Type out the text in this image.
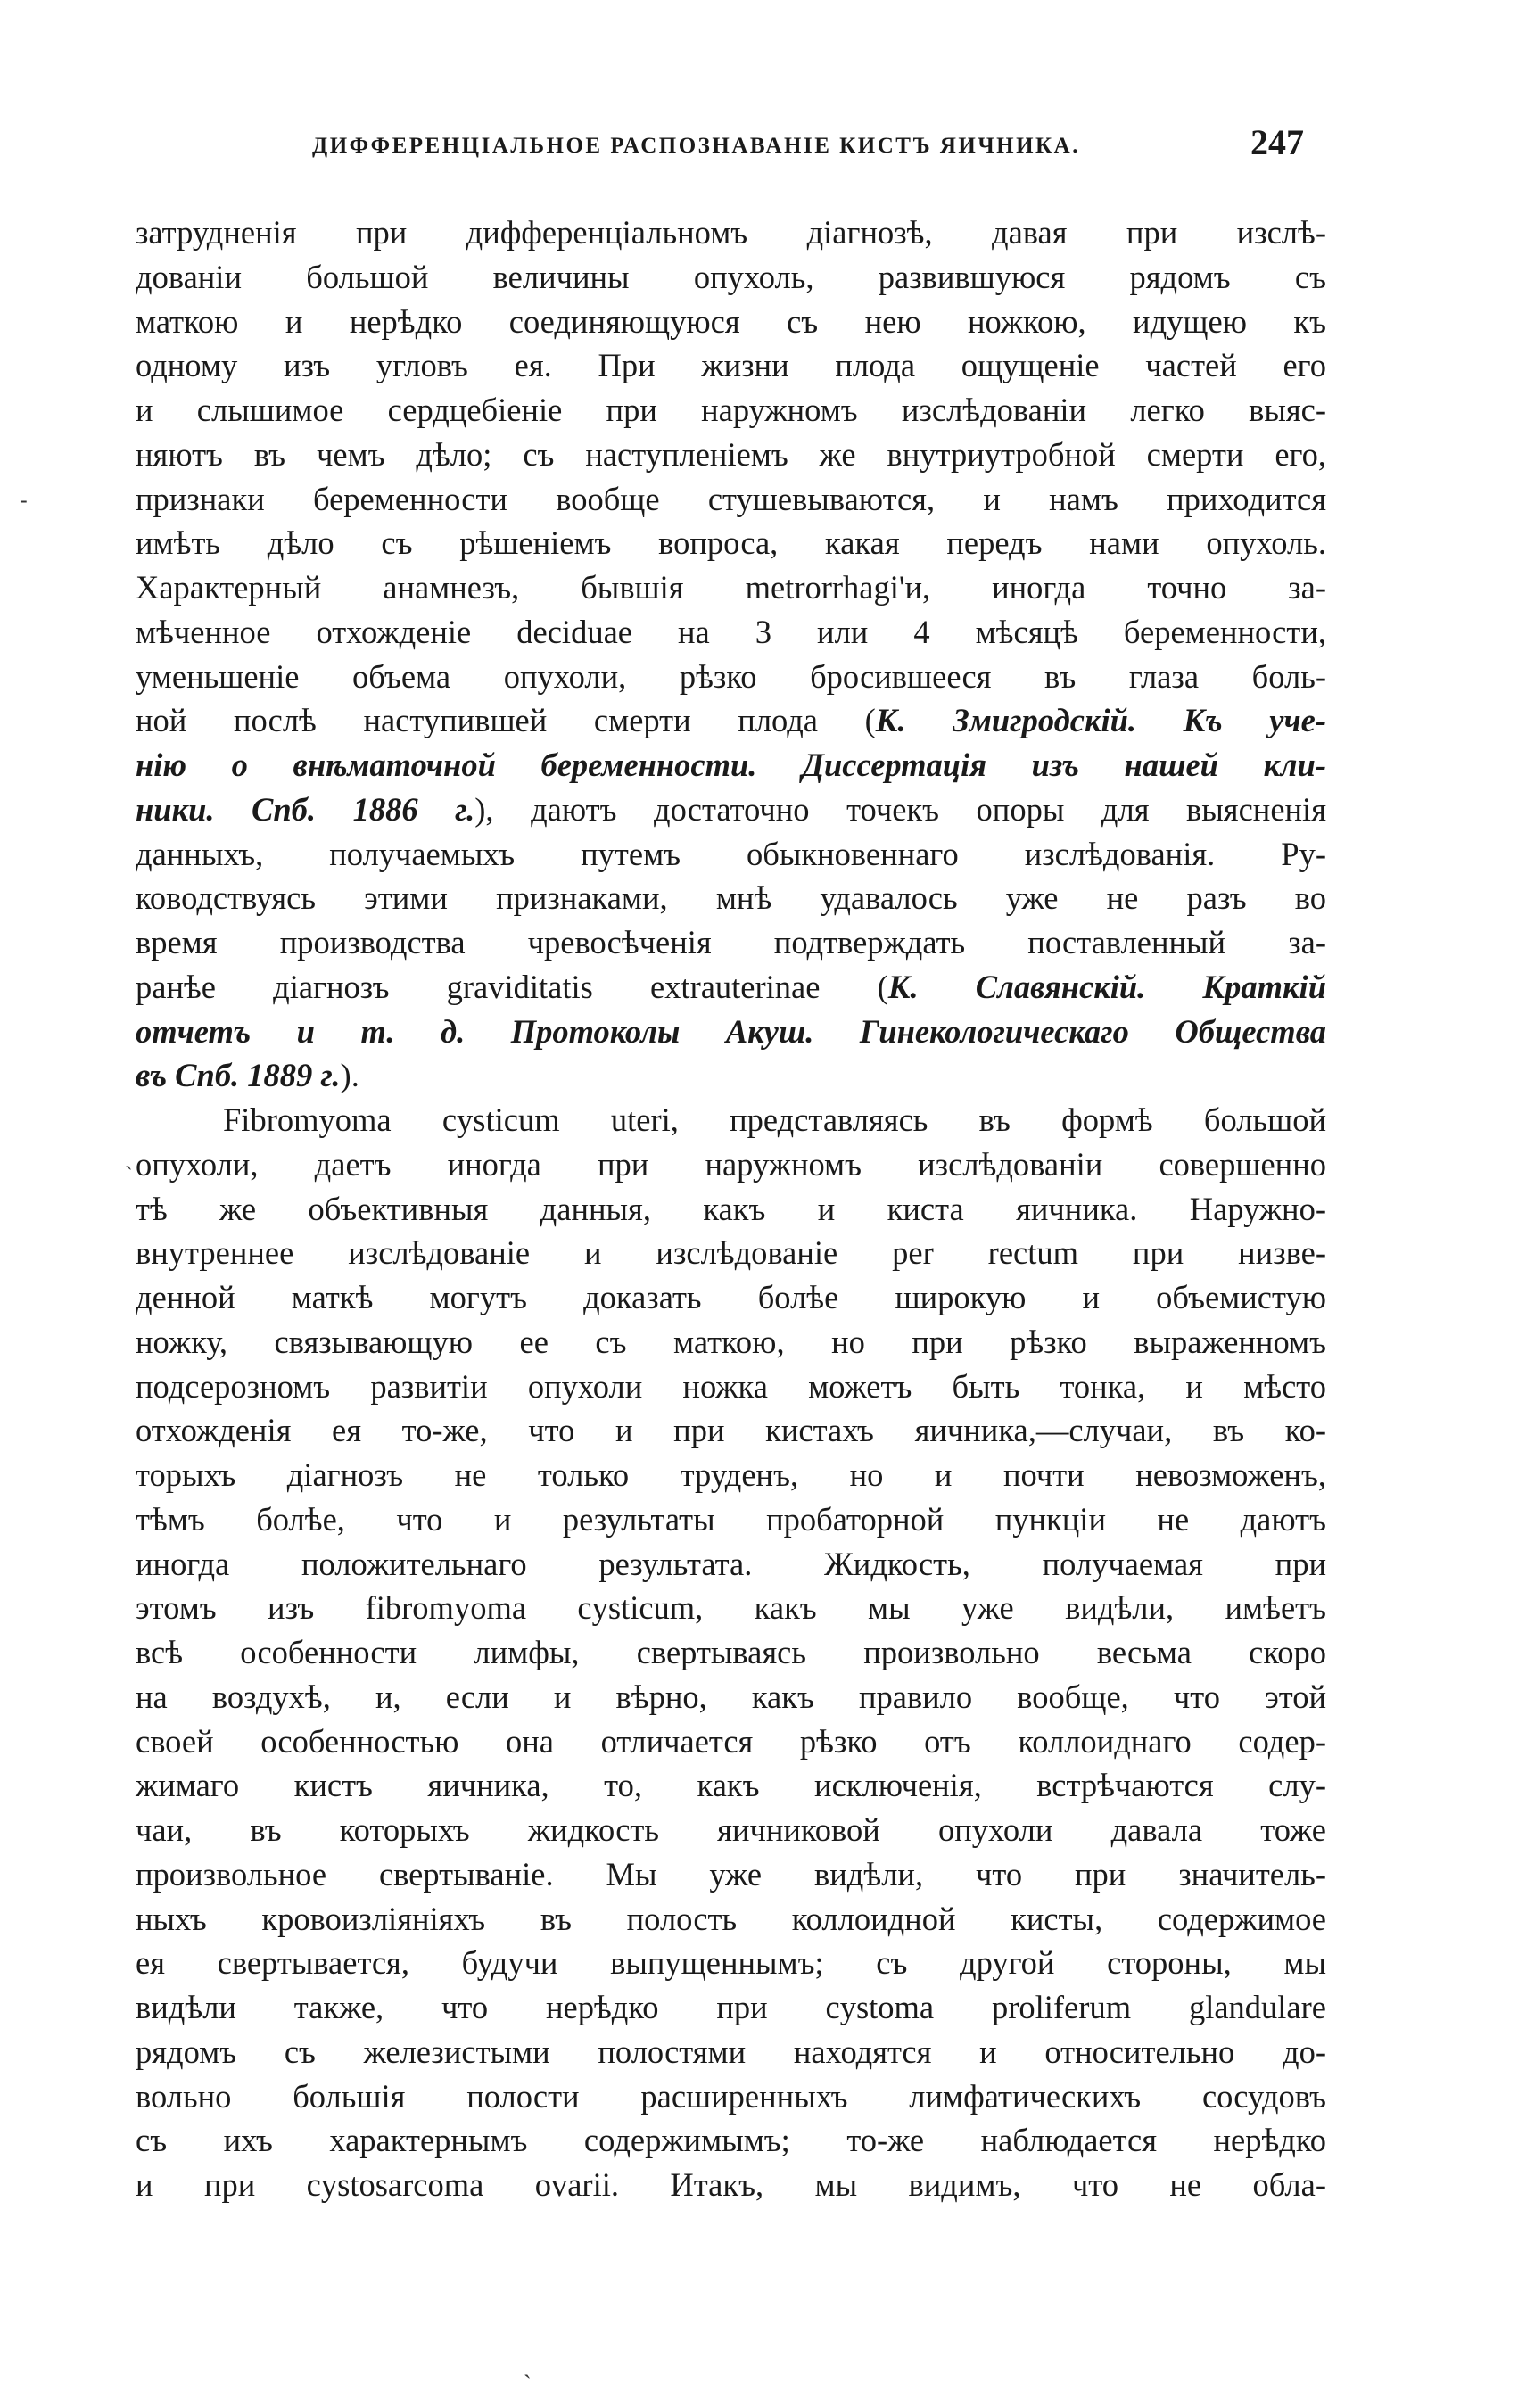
ДИФФЕРЕНЦІАЛЬНОЕ РАСПОЗНАВАНІЕ КИСТЪ ЯИЧНИКА.	247
затрудненія при дифференціальномъ діагнозѣ, давая при изслѣ-
дованіи большой величины опухоль, развившуюся рядомъ съ
маткою и нерѣдко соединяющуюся съ нею ножкою, идущею къ
одному изъ угловъ ея. При жизни плода ощущеніе частей его
и слышимое сердцебіеніе при наружномъ изслѣдованіи легко выяс-
няютъ въ чемъ дѣло; съ наступленіемъ же внутриутробной смерти его,
признаки беременности вообще стушевываются, и намъ приходится
имѣть дѣло съ рѣшеніемъ вопроса, какая передъ нами опухоль.
Характерный анамнезъ, бывшія metrorrhagi'и, иногда точно за-
мѣченное отхожденіе deciduae на 3 или 4 мѣсяцѣ беременности,
уменьшеніе объема опухоли, рѣзко бросившееся въ глаза боль-
ной послѣ наступившей смерти плода (К. Змигродскій. Къ уче-
нію о внѣматочной беременности. Диссертація изъ нашей кли-
ники. Спб. 1886 г.), даютъ достаточно точекъ опоры для выясненія
данныхъ, получаемыхъ путемъ обыкновеннаго изслѣдованія. Ру-
ководствуясь этими признаками, мнѣ удавалось уже не разъ во
время производства чревосѣченія подтверждать поставленный за-
ранѣе діагнозъ gravіditatіs extrauterinae (К. Славянскій. Краткій
отчетъ и т. д. Протоколы Акуш. Гинекологическаго Общества
въ Спб. 1889 г.).
Fibromyoma cysticum uteri, представляясь въ формѣ большой
опухоли, даетъ иногда при наружномъ изслѣдованіи совершенно
тѣ же объективныя данныя, какъ и киста яичника. Наружно-
внутреннее изслѣдованіе и изслѣдованіе per rectum при низве-
денной маткѣ могутъ доказать болѣе широкую и объемистую
ножку, связывающую ее съ маткою, но при рѣзко выраженномъ
подсерозномъ развитіи опухоли ножка можетъ быть тонка, и мѣсто
отхожденія ея то-же, что и при кистахъ яичника,—случаи, въ ко-
торыхъ діагнозъ не только труденъ, но и почти невозможенъ,
тѣмъ болѣе, что и результаты пробаторной пункціи не даютъ
иногда положительнаго результата. Жидкость, получаемая при
этомъ изъ fibromyoma cysticum, какъ мы уже видѣли, имѣетъ
всѣ особенности лимфы, свертываясь произвольно весьма скоро
на воздухѣ, и, если и вѣрно, какъ правило вообще, что этой
своей особенностью она отличается рѣзко отъ коллоиднаго содер-
жимаго кистъ яичника, то, какъ исключенія, встрѣчаются слу-
чаи, въ которыхъ жидкость яичниковой опухоли давала тоже
произвольное свертываніе. Мы уже видѣли, что при значитель-
ныхъ кровоизліяніяхъ въ полость коллоидной кисты, содержимое
ея свертывается, будучи выпущеннымъ; съ другой стороны, мы
видѣли также, что нерѣдко при cystoma proliferum glandulare
рядомъ съ железистыми полостями находятся и относительно до-
вольно большія полости расширенныхъ лимфатическихъ сосудовъ
съ ихъ характернымъ содержимымъ; то-же наблюдается нерѣдко
и при cystosarcoma ovarii. Итакъ, мы видимъ, что не обла-
-
ˎ
ˎ
